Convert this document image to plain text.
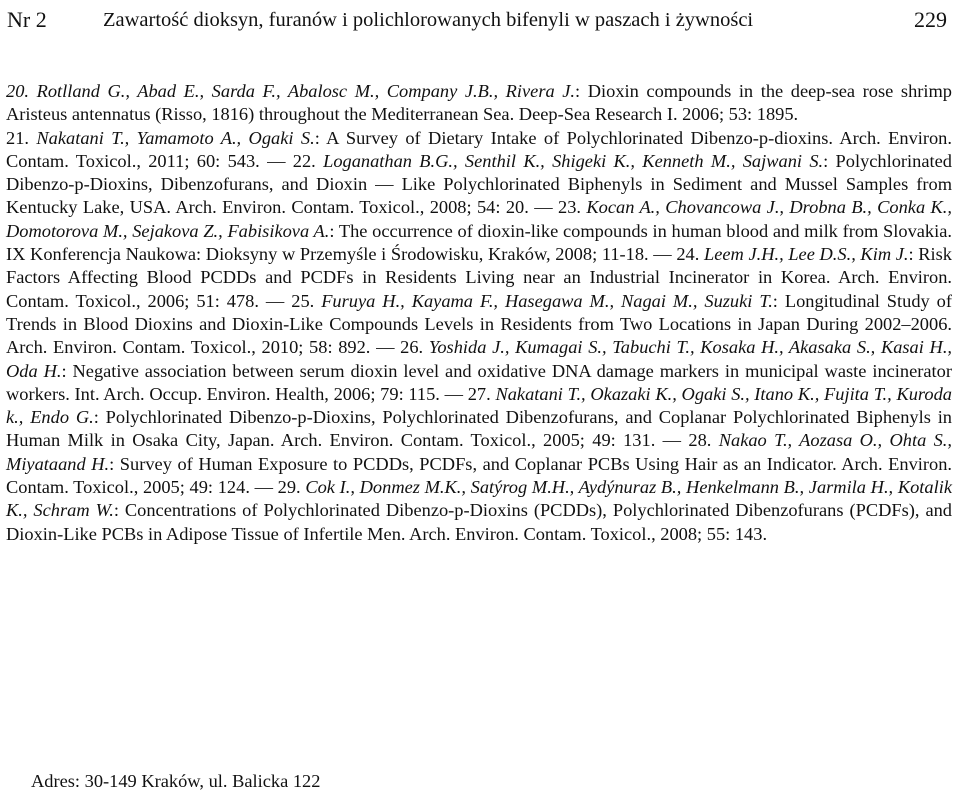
Nr 2	Zawartość dioksyn, furanów i polichlorowanych bifenyli w paszach i żywności	229

20. Rotlland G., Abad E., Sarda F., Abalosc M., Company J.B., Rivera J.: Dioxin compounds in the deep-sea rose shrimp Aristeus antennatus (Risso, 1816) throughout the Mediterranean Sea. Deep-Sea Research I. 2006; 53: 1895.

21. Nakatani T., Yamamoto A., Ogaki S.: A Survey of Dietary Intake of Polychlorinated Dibenzo-p-dioxins. Arch. Environ. Contam. Toxicol., 2011; 60: 543. — 22. Loganathan B.G., Senthil K., Shigeki K., Kenneth M., Sajwani S.: Polychlorinated Dibenzo-p-Dioxins, Dibenzofurans, and Dioxin — Like Polychlorinated Biphenyls in Sediment and Mussel Samples from Kentucky Lake, USA. Arch. Environ. Contam. Toxicol., 2008; 54: 20. — 23. Kocan A., Chovancowa J., Drobna B., Conka K., Domotorova M., Sejakova Z., Fabisikova A.: The occurrence of dioxin-like compounds in human blood and milk from Slovakia. IX Konferencja Naukowa: Dioksyny w Przemyśle i Środowisku, Kraków, 2008; 11-18. — 24. Leem J.H., Lee D.S., Kim J.: Risk Factors Affecting Blood PCDDs and PCDFs in Residents Living near an Industrial Incinerator in Korea. Arch. Environ. Contam. Toxicol., 2006; 51: 478. — 25. Furuya H., Kayama F., Hasegawa M., Nagai M., Suzuki T.: Longitudinal Study of Trends in Blood Dioxins and Dioxin-Like Compounds Levels in Residents from Two Locations in Japan During 2002–2006. Arch. Environ. Contam. Toxicol., 2010; 58: 892. — 26. Yoshida J., Kumagai S., Tabuchi T., Kosaka H., Akasaka S., Kasai H., Oda H.: Negative association between serum dioxin level and oxidative DNA damage markers in municipal waste incinerator workers. Int. Arch. Occup. Environ. Health, 2006; 79: 115. — 27. Nakatani T., Okazaki K., Ogaki S., Itano K., Fujita T., Kuroda k., Endo G.: Polychlorinated Dibenzo-p-Dioxins, Polychlorinated Dibenzofurans, and Coplanar Polychlorinated Biphenyls in Human Milk in Osaka City, Japan. Arch. Environ. Contam. Toxicol., 2005; 49: 131. — 28. Nakao T., Aozasa O., Ohta S., Miyataand H.: Survey of Human Exposure to PCDDs, PCDFs, and Coplanar PCBs Using Hair as an Indicator. Arch. Environ. Contam. Toxicol., 2005; 49: 124. — 29. Cok I., Donmez M.K., Satýrog M.H., Aydýnuraz B., Henkelmann B., Jarmila H., Kotalik K., Schram W.: Concentrations of Polychlorinated Dibenzo-p-Dioxins (PCDDs), Polychlorinated Dibenzofurans (PCDFs), and Dioxin-Like PCBs in Adipose Tissue of Infertile Men. Arch. Environ. Contam. Toxicol., 2008; 55: 143.

Adres: 30-149 Kraków, ul. Balicka 122
